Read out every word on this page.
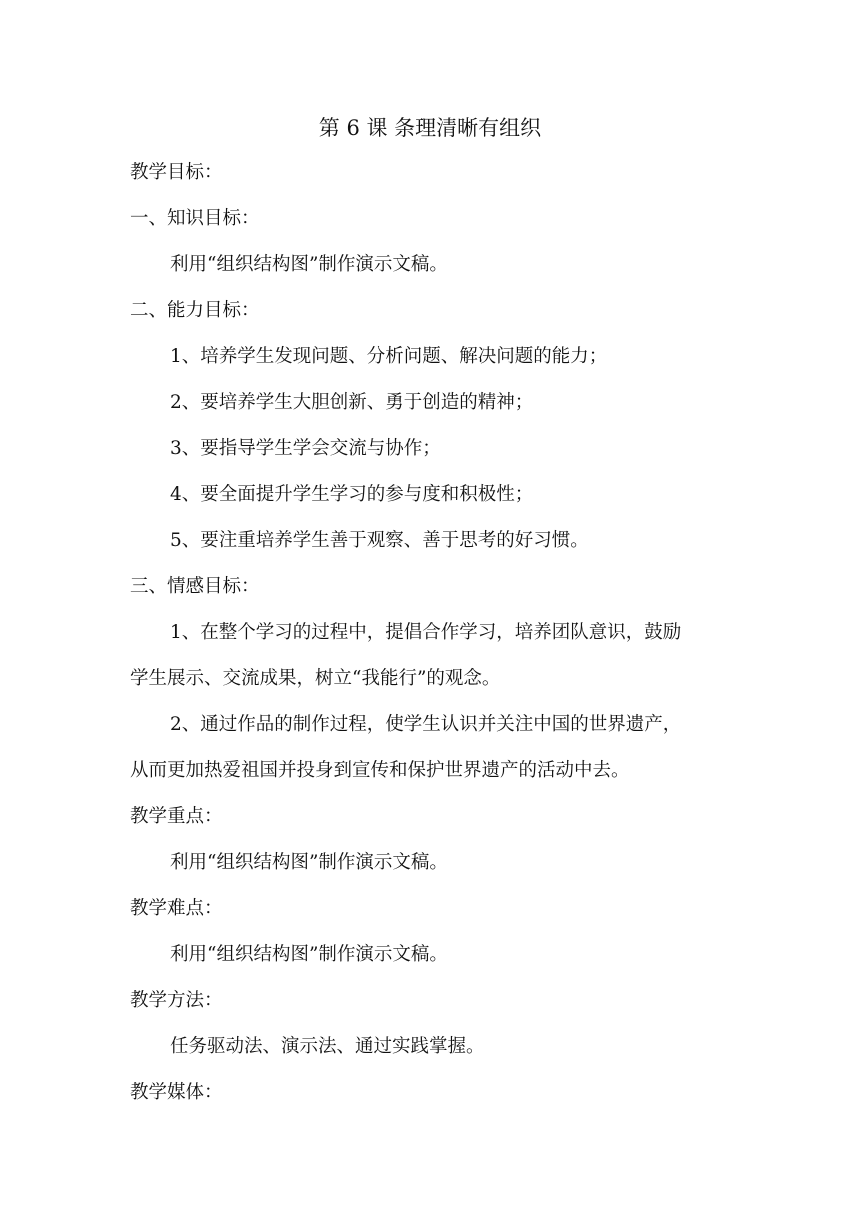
第 6 课 条理清晰有组织
教学目标：
一、知识目标：
利用“组织结构图”制作演示文稿。
二、能力目标：
1、培养学生发现问题、分析问题、解决问题的能力；
2、要培养学生大胆创新、勇于创造的精神；
3、要指导学生学会交流与协作；
4、要全面提升学生学习的参与度和积极性；
5、要注重培养学生善于观察、善于思考的好习惯。
三、情感目标：
1、在整个学习的过程中，提倡合作学习，培养团队意识，鼓励
学生展示、交流成果，树立“我能行”的观念。
2、通过作品的制作过程，使学生认识并关注中国的世界遗产，
从而更加热爱祖国并投身到宣传和保护世界遗产的活动中去。
教学重点：
利用“组织结构图”制作演示文稿。
教学难点：
利用“组织结构图”制作演示文稿。
教学方法：
任务驱动法、演示法、通过实践掌握。
教学媒体：
